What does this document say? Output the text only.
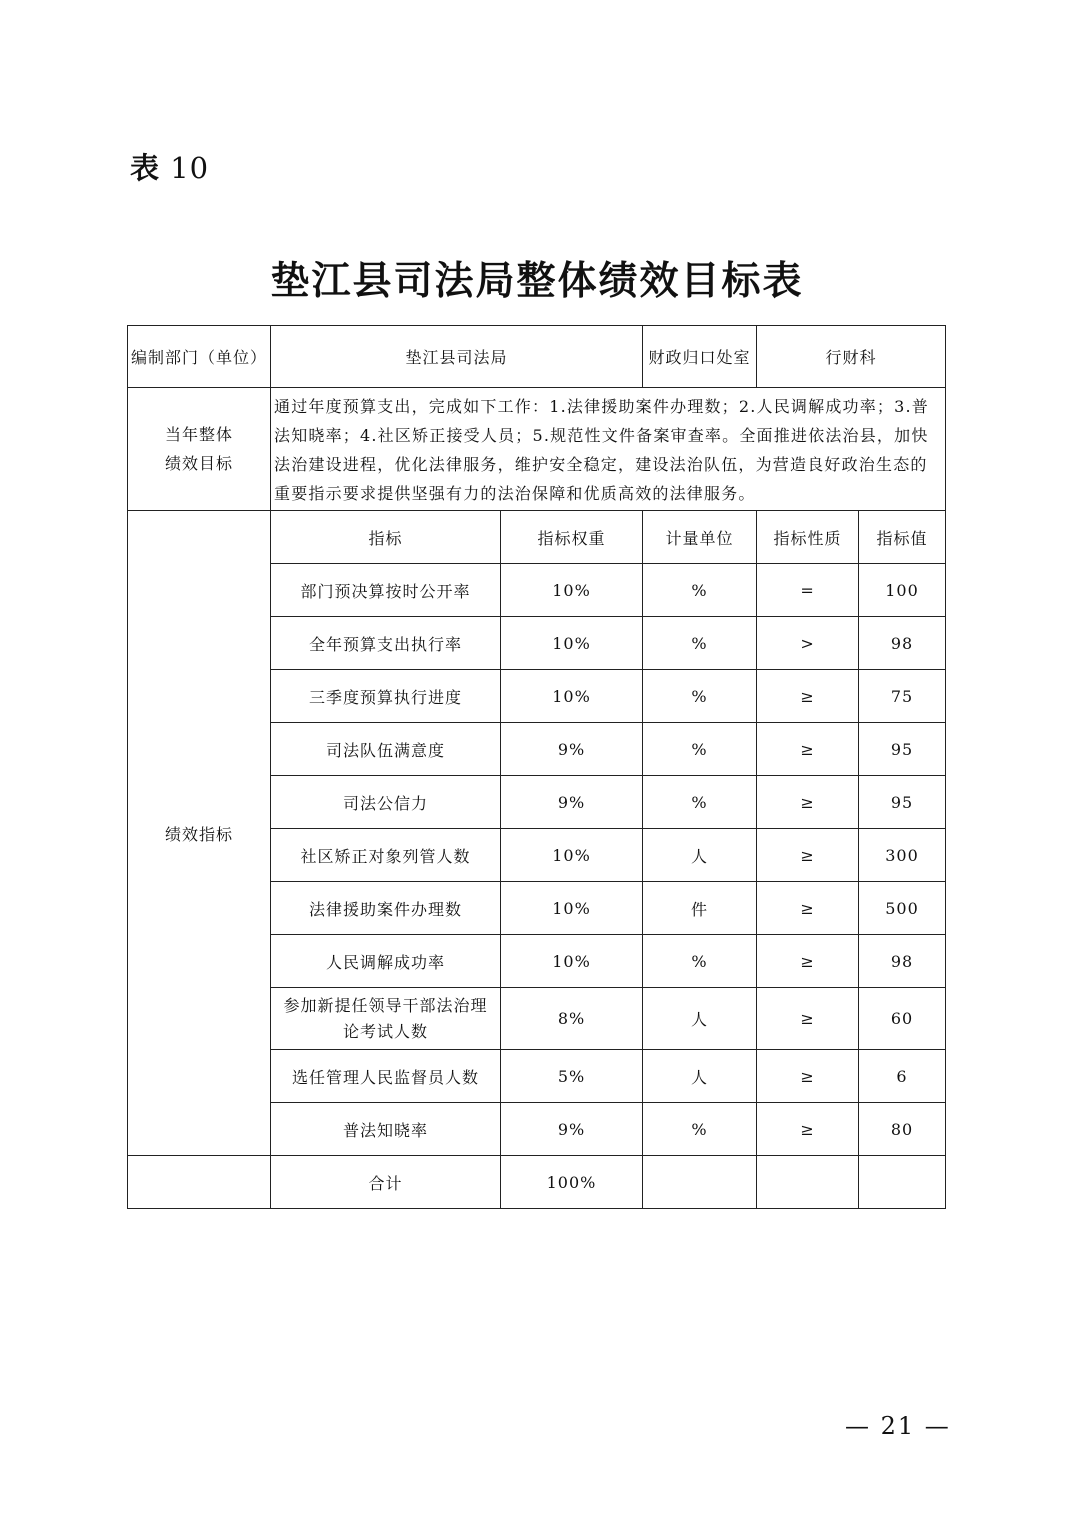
表 10
垫江县司法局整体绩效目标表
编制部门（单位）	垫江县司法局		财政归口处室	行财科	

当年整体
绩效目标	通过年度预算支出，完成如下工作：1.法律援助案件办理数；2.人民调解成功率；3.普法知晓率；4.社区矫正接受人员；5.规范性文件备案审查率。全面推进依法治县，加快法治建设进程，优化法律服务，维护安全稳定，建设法治队伍，为营造良好政治生态的重要指示要求提供坚强有力的法治保障和优质高效的法律服务。				
绩效指标	指标	指标权重	计量单位	指标性质	指标值
	部门预决算按时公开率	10%	%	=	100
	全年预算支出执行率	10%	%	>	98
	三季度预算执行进度	10%	%	≥	75
	司法队伍满意度	9%	%	≥	95
	司法公信力	9%	%	≥	95
	社区矫正对象列管人数	10%	人	≥	300
	法律援助案件办理数	10%	件	≥	500
	人民调解成功率	10%	%	≥	98
	参加新提任领导干部法治理论考试人数	8%	人	≥	60
	选任管理人民监督员人数	5%	人	≥	6
	普法知晓率	9%	%	≥	80
	合计	100%			
— 21 —
